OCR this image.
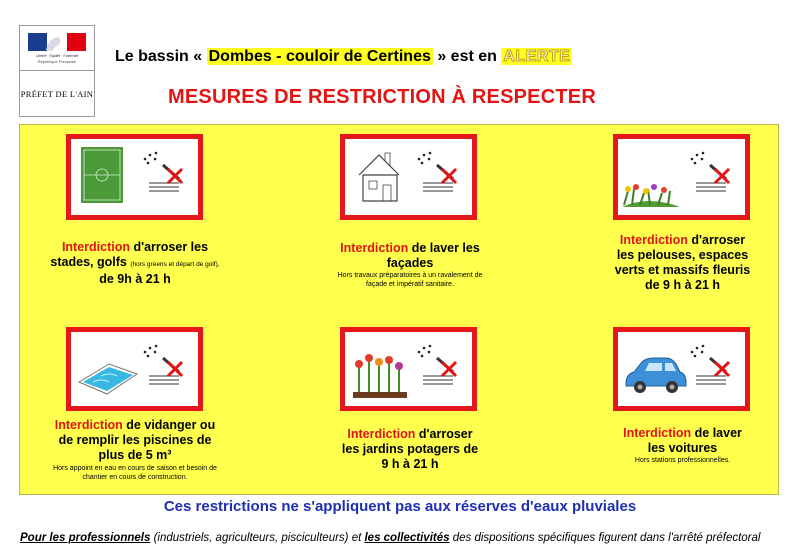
Liberté · Égalité · Fraternité
République Française
PRÉFET DE L'AIN
Le bassin « Dombes - couloir de Certines » est en ALERTE
MESURES DE RESTRICTION À RESPECTER
Interdiction d'arroser les
stades, golfs (hors greens et départ de golf),
de 9h à 21 h
Interdiction de laver les
façades
Hors travaux préparatoires à un ravalement de
façade et impératif sanitaire.
Interdiction d'arroser
les pelouses, espaces
verts et massifs fleuris
de 9 h à 21 h
Interdiction de vidanger ou
de remplir les piscines de
plus de 5 m³
Hors appoint en eau en cours de saison et besoin de
chantier en cours de construction.
Interdiction d'arroser
les jardins potagers de
9 h à 21 h
Interdiction de laver
les voitures
Hors stations professionnelles.
Ces restrictions ne s'appliquent pas aux réserves d'eaux pluviales
Pour les professionnels (industriels, agriculteurs, pisciculteurs) et les collectivités des dispositions spécifiques figurent dans l'arrêté préfectoral
